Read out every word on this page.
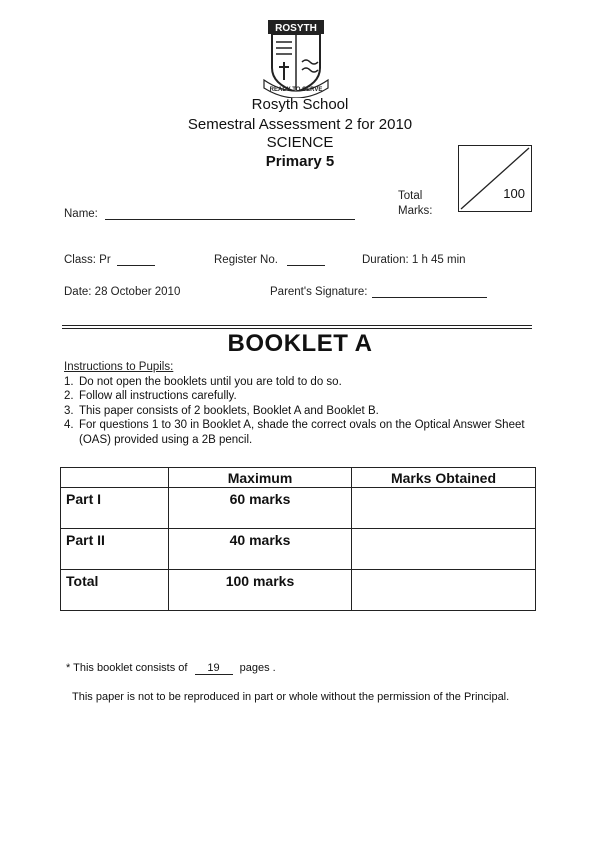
ROSYTH
READY TO SERVE
Rosyth School
Semestral Assessment 2 for 2010
SCIENCE
Primary 5
100
Total
Marks:
Name:
Class: Pr	Register No.	Duration: 1 h 45 min
Date: 28 October 2010	Parent's Signature:
BOOKLET A
Instructions to Pupils:
1. Do not open the booklets until you are told to do so.
2. Follow all instructions carefully.
3. This paper consists of 2 booklets, Booklet A and Booklet B.
4. For questions 1 to 30 in Booklet A, shade the correct ovals on the Optical Answer Sheet (OAS) provided using a 2B pencil.
	Maximum	Marks Obtained
Part I	60 marks	
Part II	40 marks	
Total	100 marks	
* This booklet consists of 19 pages .
This paper is not to be reproduced in part or whole without the permission of the Principal.
